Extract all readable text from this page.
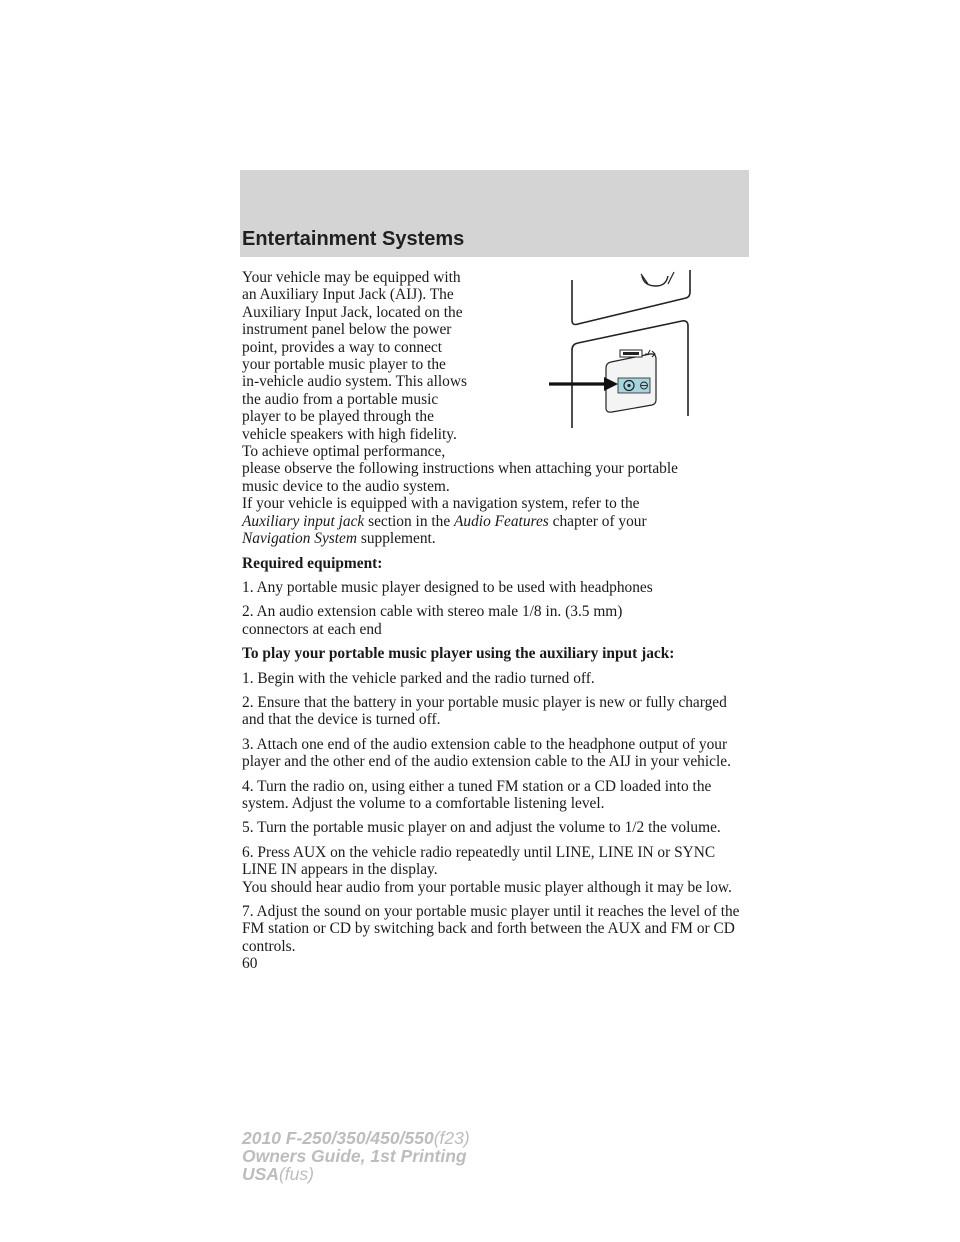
Entertainment Systems
Your vehicle may be equipped with
an Auxiliary Input Jack (AIJ). The
Auxiliary Input Jack, located on the
instrument panel below the power
point, provides a way to connect
your portable music player to the
in-vehicle audio system. This allows
the audio from a portable music
player to be played through the
vehicle speakers with high fidelity.
To achieve optimal performance,
please observe the following instructions when attaching your portable
music device to the audio system.

If your vehicle is equipped with a navigation system, refer to the
Auxiliary input jack section in the Audio Features chapter of your
Navigation System supplement.

Required equipment:

1. Any portable music player designed to be used with headphones

2. An audio extension cable with stereo male 1/8 in. (3.5 mm) connectors at each end

To play your portable music player using the auxiliary input jack:

1. Begin with the vehicle parked and the radio turned off.

2. Ensure that the battery in your portable music player is new or fully charged and that the device is turned off.

3. Attach one end of the audio extension cable to the headphone output of your player and the other end of the audio extension cable to the AIJ in your vehicle.

4. Turn the radio on, using either a tuned FM station or a CD loaded into the system. Adjust the volume to a comfortable listening level.

5. Turn the portable music player on and adjust the volume to 1/2 the volume.

6. Press AUX on the vehicle radio repeatedly until LINE, LINE IN or SYNC LINE IN appears in the display.

You should hear audio from your portable music player although it may be low.

7. Adjust the sound on your portable music player until it reaches the level of the FM station or CD by switching back and forth between the AUX and FM or CD controls.

60

2010 F-250/350/450/550(f23)
Owners Guide, 1st Printing
USA(fus)
